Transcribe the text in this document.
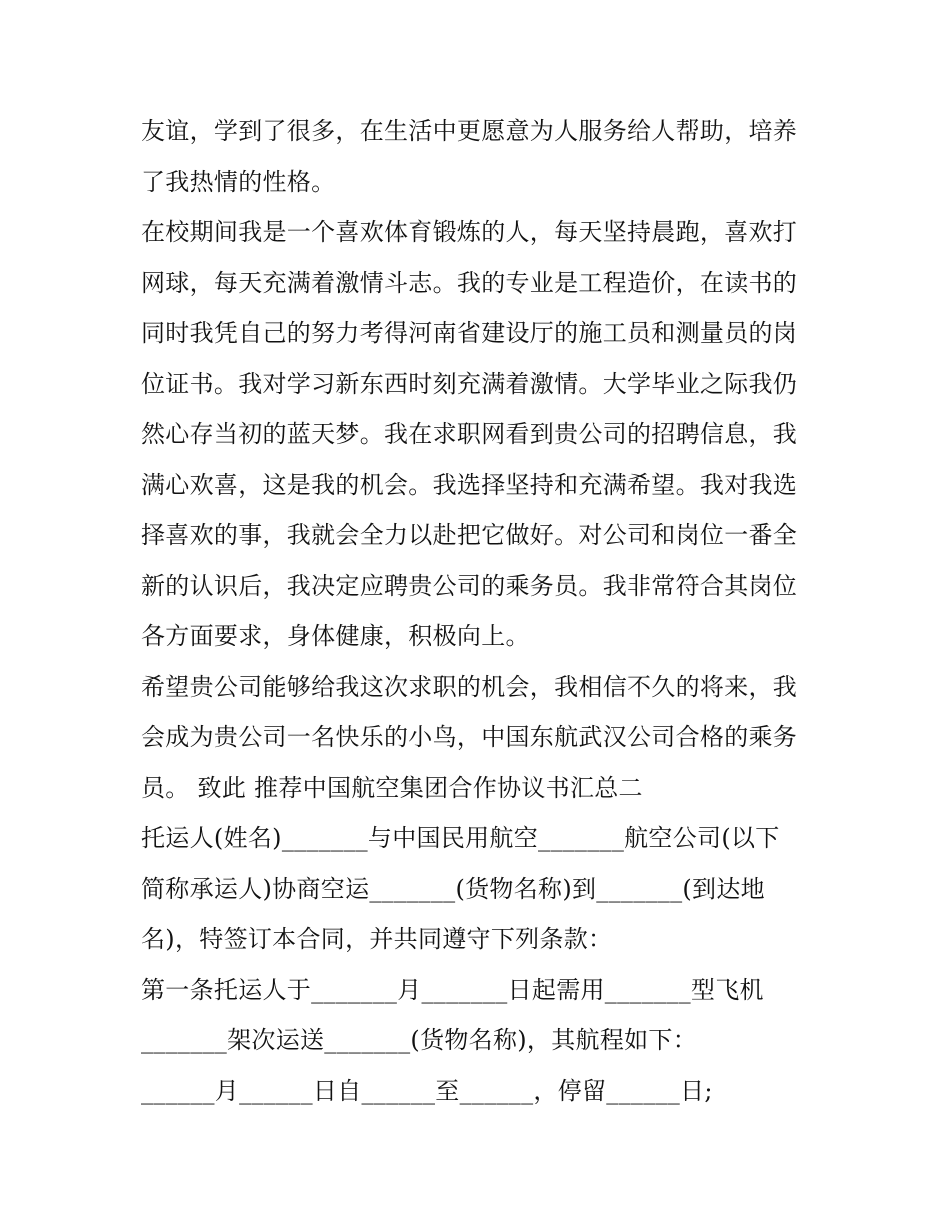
友谊，学到了很多，在生活中更愿意为人服务给人帮助，培养
了我热情的性格。
在校期间我是一个喜欢体育锻炼的人，每天坚持晨跑，喜欢打
网球，每天充满着激情斗志。我的专业是工程造价，在读书的
同时我凭自己的努力考得河南省建设厅的施工员和测量员的岗
位证书。我对学习新东西时刻充满着激情。大学毕业之际我仍
然心存当初的蓝天梦。我在求职网看到贵公司的招聘信息，我
满心欢喜，这是我的机会。我选择坚持和充满希望。我对我选
择喜欢的事，我就会全力以赴把它做好。对公司和岗位一番全
新的认识后，我决定应聘贵公司的乘务员。我非常符合其岗位
各方面要求，身体健康，积极向上。
希望贵公司能够给我这次求职的机会，我相信不久的将来，我
会成为贵公司一名快乐的小鸟，中国东航武汉公司合格的乘务
员。 致此 推荐中国航空集团合作协议书汇总二
托运人(姓名)_______与中国民用航空_______航空公司(以下
简称承运人)协商空运_______(货物名称)到_______(到达地
名)，特签订本合同，并共同遵守下列条款：
第一条托运人于_______月_______日起需用_______型飞机
_______架次运送_______(货物名称)，其航程如下：
______月______日自______至______，停留______日;
